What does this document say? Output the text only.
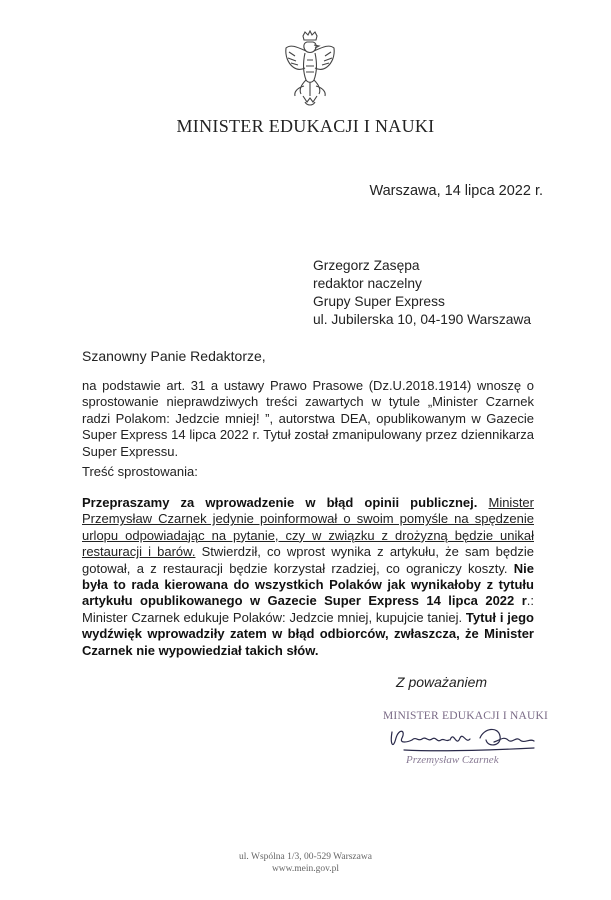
MINISTER EDUKACJI I NAUKI
Warszawa, 14 lipca 2022 r.
Grzegorz Zasępa
redaktor naczelny
Grupy Super Express
ul. Jubilerska 10, 04-190 Warszawa
Szanowny Panie Redaktorze,
na podstawie art. 31 a ustawy Prawo Prasowe (Dz.U.2018.1914) wnoszę o sprostowanie nieprawdziwych treści zawartych w tytule „Minister Czarnek radzi Polakom: Jedzcie mniej! ”, autorstwa DEA, opublikowanym w Gazecie Super Express 14 lipca 2022 r. Tytuł został zmanipulowany przez dziennikarza Super Expressu.
Treść sprostowania:
Przepraszamy za wprowadzenie w błąd opinii publicznej. Minister Przemysław Czarnek jedynie poinformował o swoim pomyśle na spędzenie urlopu odpowiadając na pytanie, czy w związku z drożyzną będzie unikał restauracji i barów. Stwierdził, co wprost wynika z artykułu, że sam będzie gotował, a z restauracji będzie korzystał rzadziej, co ograniczy koszty. Nie była to rada kierowana do wszystkich Polaków jak wynikałoby z tytułu artykułu opublikowanego w Gazecie Super Express 14 lipca 2022 r.: Minister Czarnek edukuje Polaków: Jedzcie mniej, kupujcie taniej. Tytuł i jego wydźwięk wprowadziły zatem w błąd odbiorców, zwłaszcza, że Minister Czarnek nie wypowiedział takich słów.
Z poważaniem
MINISTER EDUKACJI I NAUKI
Przemysław Czarnek
ul. Wspólna 1/3, 00-529 Warszawa
www.mein.gov.pl
